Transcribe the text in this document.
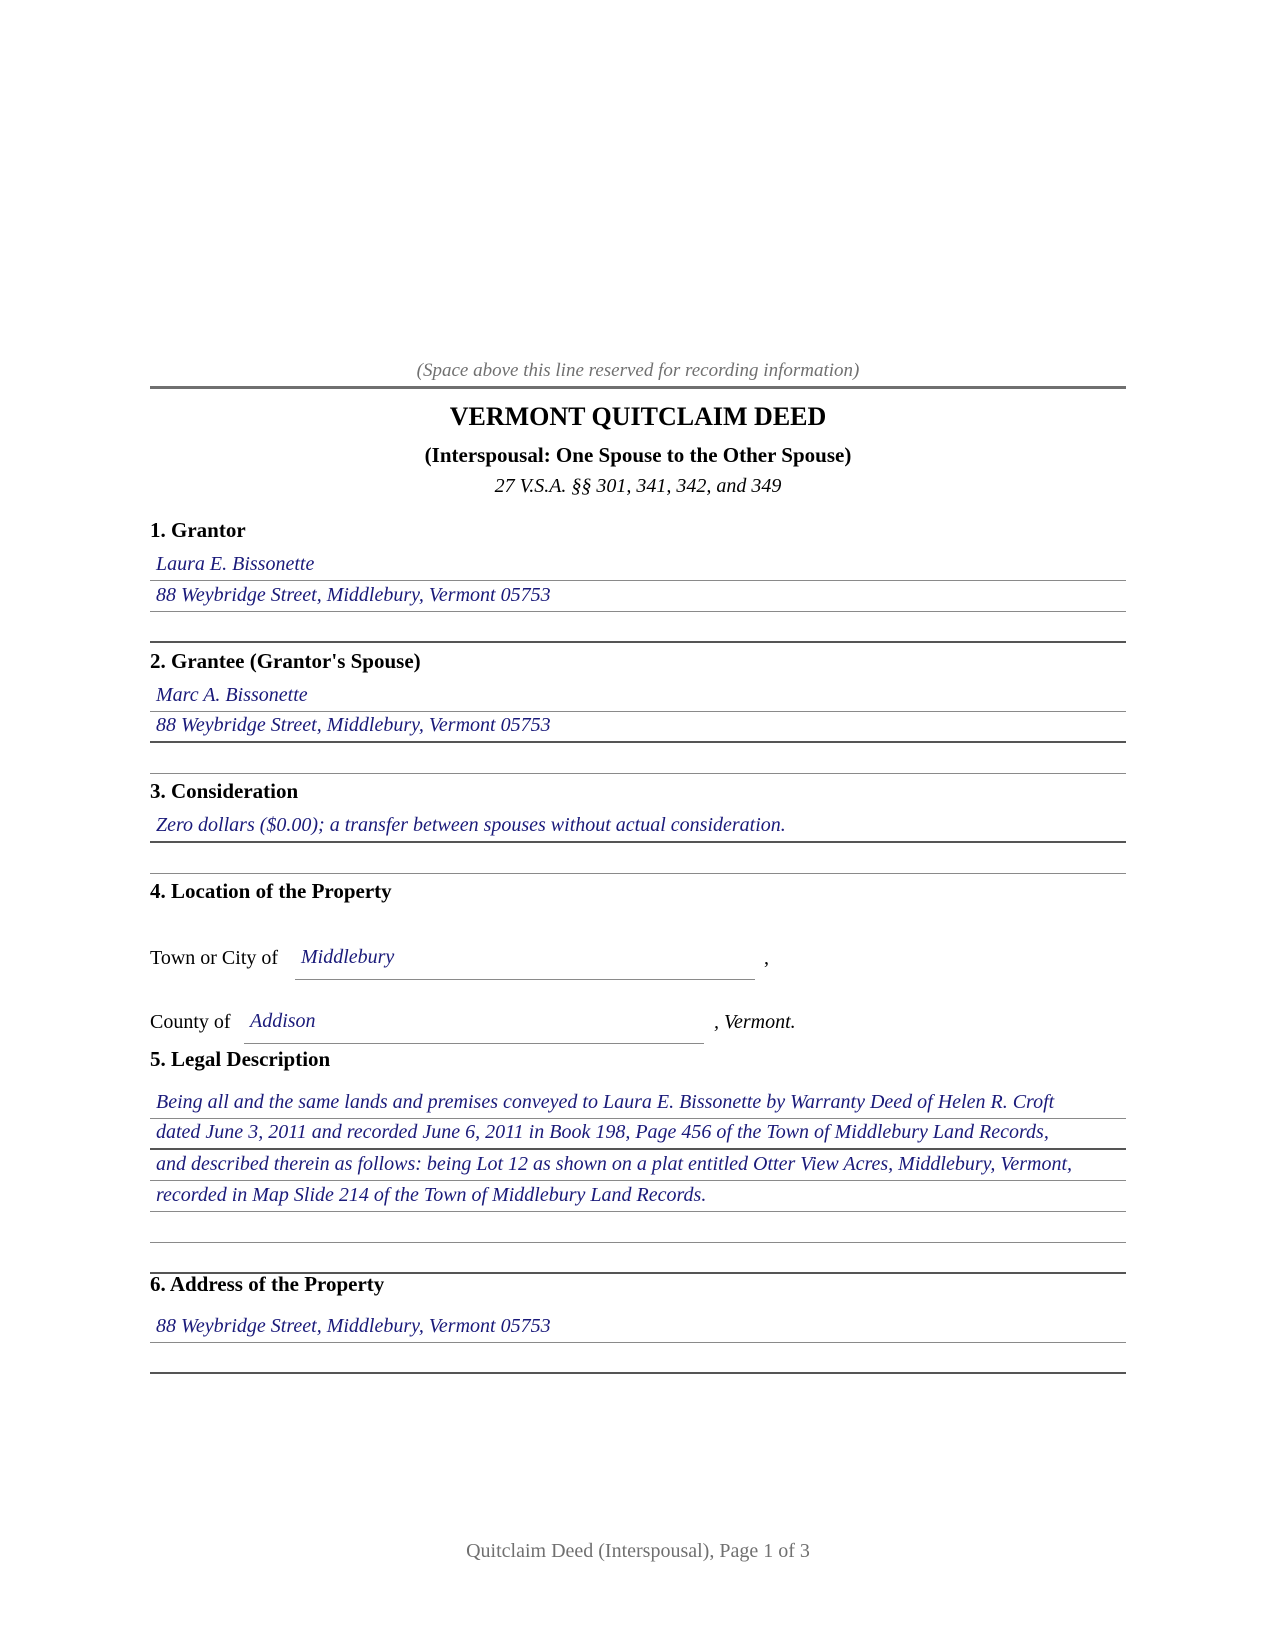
(Space above this line reserved for recording information)
VERMONT QUITCLAIM DEED
(Interspousal: One Spouse to the Other Spouse)
27 V.S.A. §§ 301, 341, 342, and 349
1. Grantor
Laura E. Bissonette
88 Weybridge Street, Middlebury, Vermont 05753
2. Grantee (Grantor's Spouse)
Marc A. Bissonette
88 Weybridge Street, Middlebury, Vermont 05753
3. Consideration
Zero dollars ($0.00); a transfer between spouses without actual consideration.
4. Location of the Property
Town or City of Middlebury	,
County of Addison	, Vermont.
5. Legal Description
Being all and the same lands and premises conveyed to Laura E. Bissonette by Warranty Deed of Helen R. Croft
dated June 3, 2011 and recorded June 6, 2011 in Book 198, Page 456 of the Town of Middlebury Land Records,
and described therein as follows: being Lot 12 as shown on a plat entitled Otter View Acres, Middlebury, Vermont,
recorded in Map Slide 214 of the Town of Middlebury Land Records.
6. Address of the Property
88 Weybridge Street, Middlebury, Vermont 05753
Quitclaim Deed (Interspousal), Page 1 of 3
